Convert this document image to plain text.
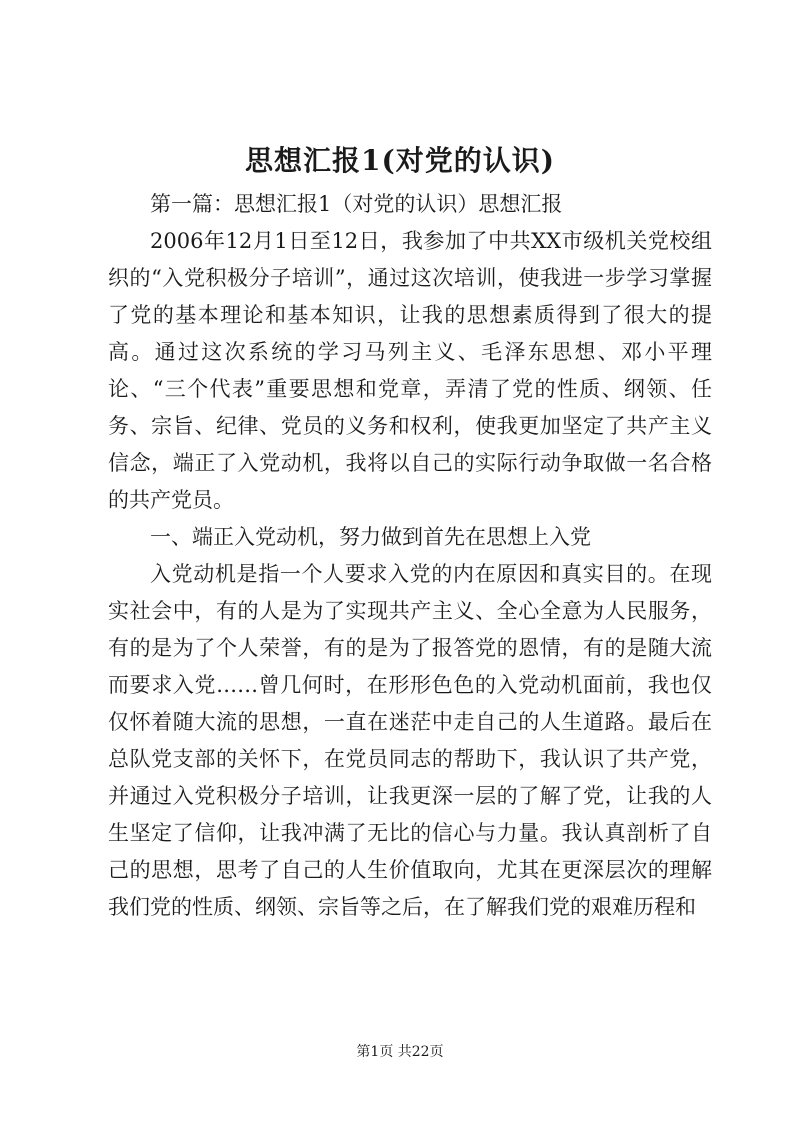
思想汇报1(对党的认识)

第一篇：思想汇报1（对党的认识）思想汇报

2006年12月1日至12日，我参加了中共XX市级机关党校组织的“入党积极分子培训”，通过这次培训，使我进一步学习掌握了党的基本理论和基本知识，让我的思想素质得到了很大的提高。通过这次系统的学习马列主义、毛泽东思想、邓小平理论、“三个代表”重要思想和党章，弄清了党的性质、纲领、任务、宗旨、纪律、党员的义务和权利，使我更加坚定了共产主义信念，端正了入党动机，我将以自己的实际行动争取做一名合格的共产党员。

一、端正入党动机，努力做到首先在思想上入党

入党动机是指一个人要求入党的内在原因和真实目的。在现实社会中，有的人是为了实现共产主义、全心全意为人民服务，有的是为了个人荣誉，有的是为了报答党的恩情，有的是随大流而要求入党……曾几何时，在形形色色的入党动机面前，我也仅仅怀着随大流的思想，一直在迷茫中走自己的人生道路。最后在总队党支部的关怀下，在党员同志的帮助下，我认识了共产党，并通过入党积极分子培训，让我更深一层的了解了党，让我的人生坚定了信仰，让我冲满了无比的信心与力量。我认真剖析了自己的思想，思考了自己的人生价值取向，尤其在更深层次的理解我们党的性质、纲领、宗旨等之后，在了解我们党的艰难历程和

第1页 共22页
